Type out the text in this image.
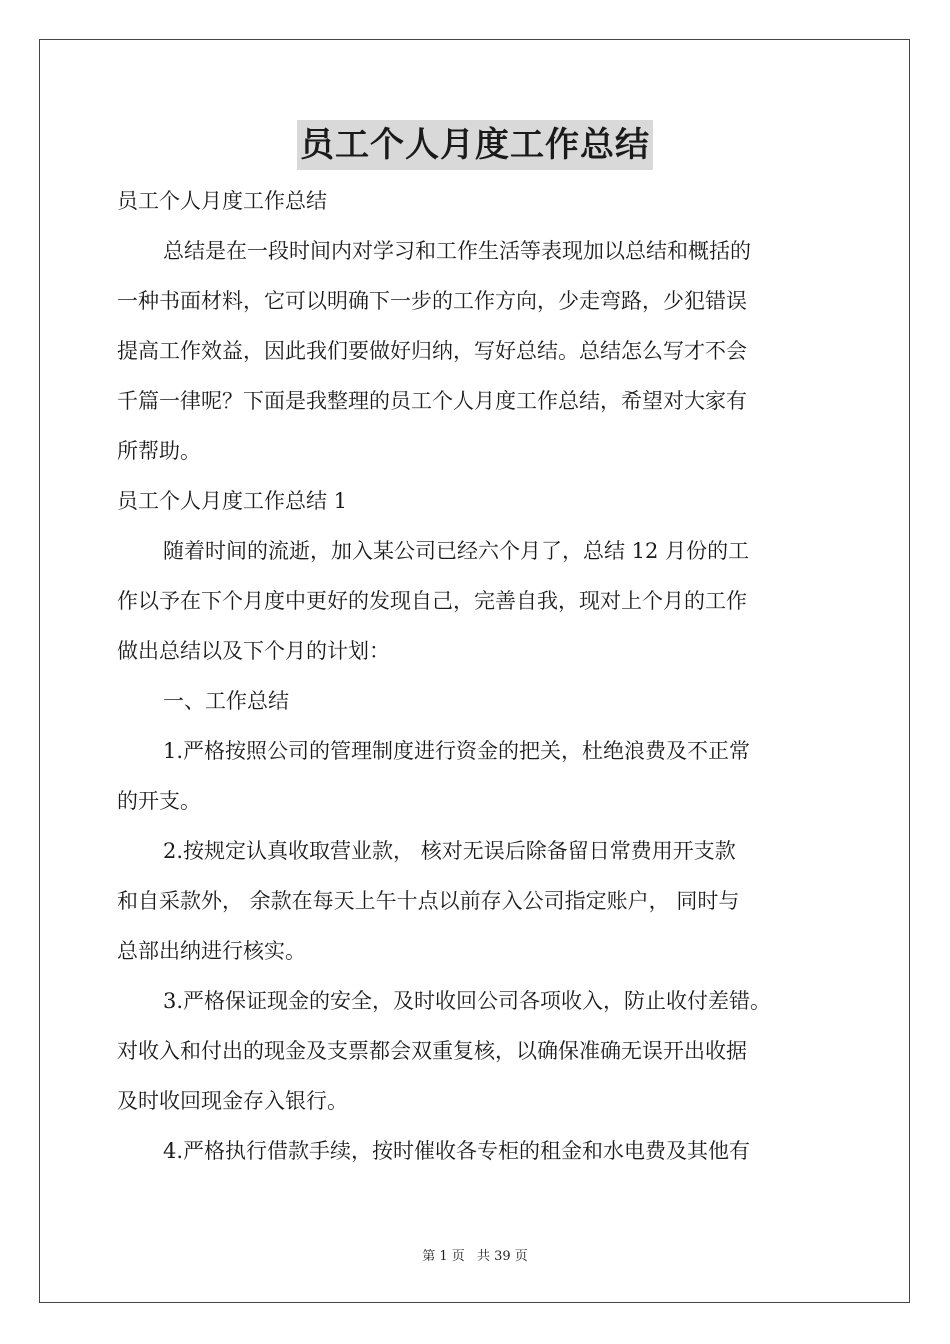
员工个人月度工作总结
员工个人月度工作总结
总结是在一段时间内对学习和工作生活等表现加以总结和概括的
一种书面材料，它可以明确下一步的工作方向，少走弯路，少犯错误
提高工作效益，因此我们要做好归纳，写好总结。总结怎么写才不会
千篇一律呢？下面是我整理的员工个人月度工作总结，希望对大家有
所帮助。
员工个人月度工作总结 1
随着时间的流逝，加入某公司已经六个月了，总结 12 月份的工
作以予在下个月度中更好的发现自己，完善自我，现对上个月的工作
做出总结以及下个月的计划：
一、工作总结
1.严格按照公司的管理制度进行资金的把关，杜绝浪费及不正常
的开支。
2.按规定认真收取营业款， 核对无误后除备留日常费用开支款
和自采款外， 余款在每天上午十点以前存入公司指定账户， 同时与
总部出纳进行核实。
3.严格保证现金的安全，及时收回公司各项收入，防止收付差错。
对收入和付出的现金及支票都会双重复核，以确保准确无误开出收据
及时收回现金存入银行。
4.严格执行借款手续，按时催收各专柜的租金和水电费及其他有
第 1 页 共 39 页
